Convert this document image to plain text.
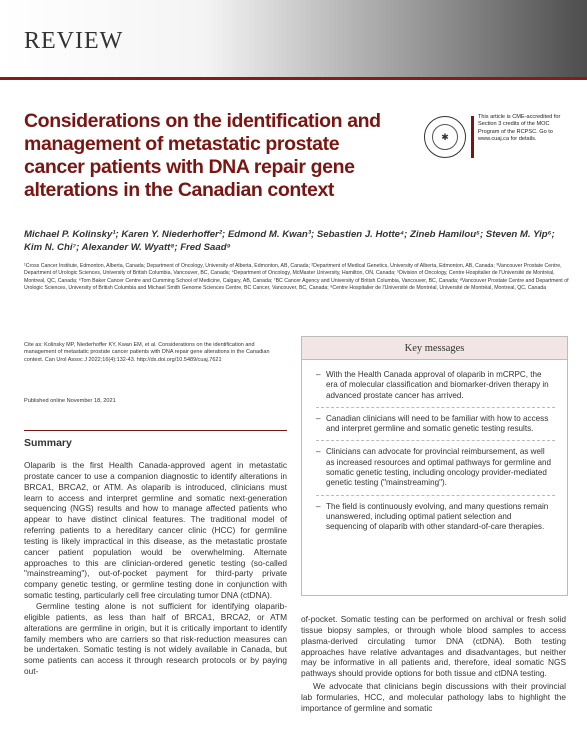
REVIEW
Considerations on the identification and management of metastatic prostate cancer patients with DNA repair gene alterations in the Canadian context
✱
This article is CME-accredited for Section 3 credits of the MOC Program of the RCPSC. Go to www.cuaj.ca for details.
Michael P. Kolinsky¹; Karen Y. Niederhoffer²; Edmond M. Kwan³; Sebastien J. Hotte⁴; Zineb Hamilou⁵; Steven M. Yip⁶; Kim N. Chi⁷; Alexander W. Wyatt⁸; Fred Saad⁹
¹Cross Cancer Institute, Edmonton, Alberta, Canada; Department of Oncology, University of Alberta, Edmonton, AB, Canada; ²Department of Medical Genetics, University of Alberta, Edmonton, AB, Canada; ³Vancouver Prostate Centre, Department of Urologic Sciences, University of British Columbia, Vancouver, BC, Canada; ⁴Department of Oncology, McMaster University, Hamilton, ON, Canada; ⁵Division of Oncology, Centre Hospitalier de l'Université de Montréal, Montreal, QC, Canada; ⁶Tom Baker Cancer Centre and Cumming School of Medicine, Calgary, AB, Canada; ⁷BC Cancer Agency and University of British Columbia, Vancouver, BC, Canada; ⁸Vancouver Prostate Centre and Department of Urologic Sciences, University of British Columbia and Michael Smith Genome Sciences Centre, BC Cancer, Vancouver, BC, Canada; ⁹Centre Hospitalier de l'Université de Montréal, Université de Montréal, Montreal, QC, Canada
Cite as: Kolinsky MP, Niederhoffer KY, Kwan EM, et al. Considerations on the identification and management of metastatic prostate cancer patients with DNA repair gene alterations in the Canadian context. Can Urol Assoc J 2022;16(4):132-43. http://dx.doi.org/10.5489/cuaj.7621
Published online November 18, 2021
Summary

Olaparib is the first Health Canada-approved agent in metastatic prostate cancer to use a companion diagnostic to identify alterations in BRCA1, BRCA2, or ATM. As olaparib is introduced, clinicians must learn to access and interpret germline and somatic next-generation sequencing (NGS) results and how to manage affected patients who appear to have distinct clinical features. The traditional model of referring patients to a hereditary cancer clinic (HCC) for germline testing is likely impractical in this disease, as the metastatic prostate cancer patient population would be overwhelming. Alternate approaches to this are clinician-ordered genetic testing (so-called "mainstreaming"), out-of-pocket payment for third-party private company genetic testing, or germline testing done in conjunction with somatic testing, particularly cell free circulating tumor DNA (ctDNA).

Germline testing alone is not sufficient for identifying olaparib-eligible patients, as less than half of BRCA1, BRCA2, or ATM alterations are germline in origin, but it is critically important to identify family members who are carriers so that risk-reduction measures can be undertaken. Somatic testing is not widely available in Canada, but some patients can access it through research protocols or by paying out-

Key messages
– With the Health Canada approval of olaparib in mCRPC, the era of molecular classification and biomarker-driven therapy in advanced prostate cancer has arrived.
– Canadian clinicians will need to be familiar with how to access and interpret germline and somatic genetic testing results.
– Clinicians can advocate for provincial reimbursement, as well as increased resources and optimal pathways for germline and somatic genetic testing, including oncology provider-mediated genetic testing ("mainstreaming").
– The field is continuously evolving, and many questions remain unanswered, including optimal patient selection and sequencing of olaparib with other standard-of-care therapies.

of-pocket. Somatic testing can be performed on archival or fresh solid tissue biopsy samples, or through whole blood samples to access plasma-derived circulating tumor DNA (ctDNA). Both testing approaches have relative advantages and disadvantages, but neither may be informative in all patients and, therefore, ideal somatic NGS pathways should provide options for both tissue and ctDNA testing.

We advocate that clinicians begin discussions with their provincial lab formularies, HCC, and molecular pathology labs to highlight the importance of germline and somatic
